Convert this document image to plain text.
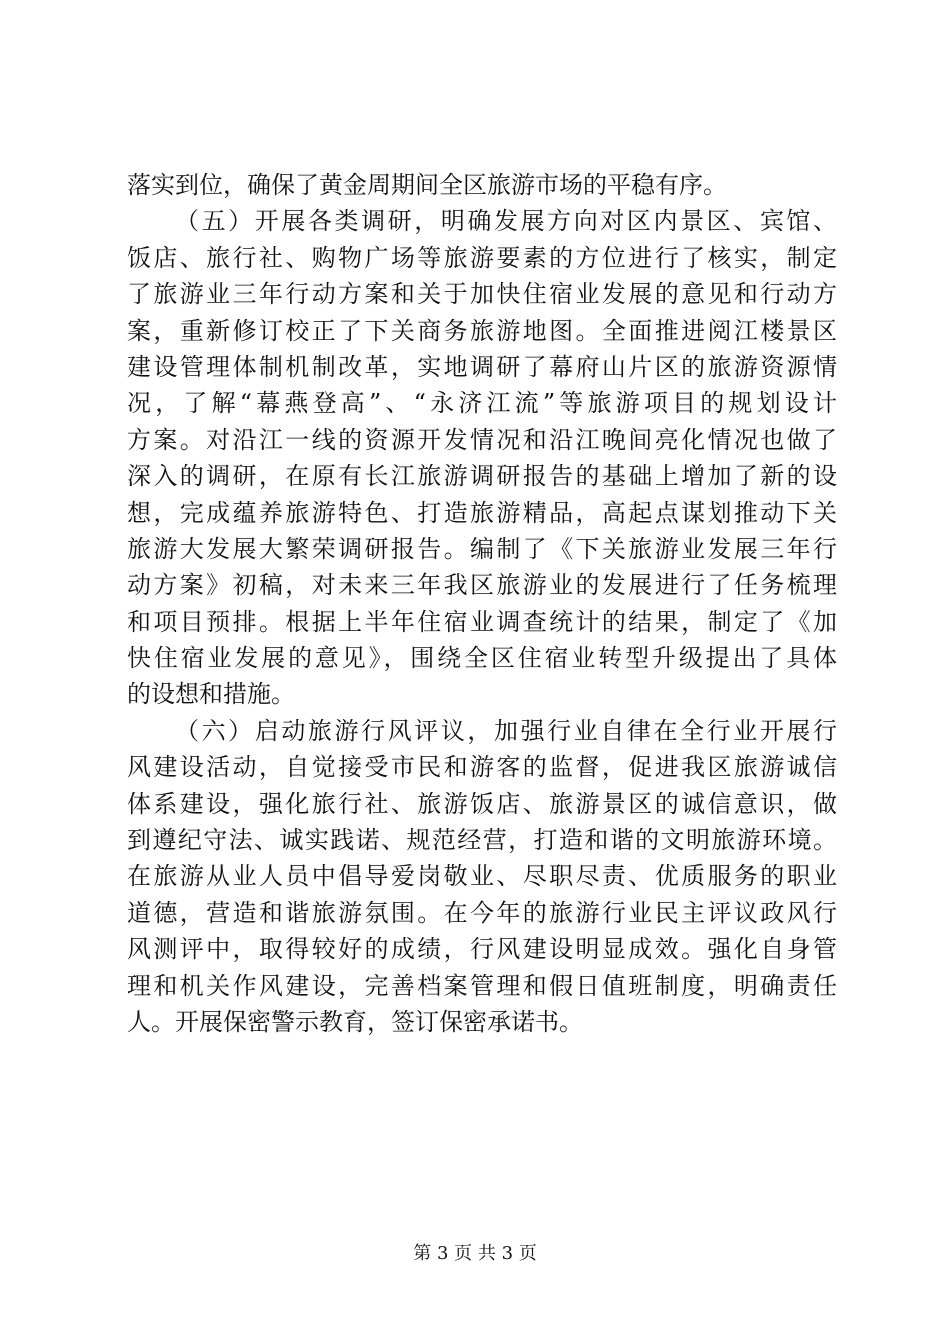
落实到位，确保了黄金周期间全区旅游市场的平稳有序。
（五）开展各类调研，明确发展方向对区内景区、宾馆、
饭店、旅行社、购物广场等旅游要素的方位进行了核实，制定
了旅游业三年行动方案和关于加快住宿业发展的意见和行动方
案，重新修订校正了下关商务旅游地图。全面推进阅江楼景区
建设管理体制机制改革，实地调研了幕府山片区的旅游资源情
况，了解“幕燕登高”、“永济江流”等旅游项目的规划设计
方案。对沿江一线的资源开发情况和沿江晚间亮化情况也做了
深入的调研，在原有长江旅游调研报告的基础上增加了新的设
想，完成蕴养旅游特色、打造旅游精品，高起点谋划推动下关
旅游大发展大繁荣调研报告。编制了《下关旅游业发展三年行
动方案》初稿，对未来三年我区旅游业的发展进行了任务梳理
和项目预排。根据上半年住宿业调查统计的结果，制定了《加
快住宿业发展的意见》，围绕全区住宿业转型升级提出了具体
的设想和措施。
（六）启动旅游行风评议，加强行业自律在全行业开展行
风建设活动，自觉接受市民和游客的监督，促进我区旅游诚信
体系建设，强化旅行社、旅游饭店、旅游景区的诚信意识，做
到遵纪守法、诚实践诺、规范经营，打造和谐的文明旅游环境。
在旅游从业人员中倡导爱岗敬业、尽职尽责、优质服务的职业
道德，营造和谐旅游氛围。在今年的旅游行业民主评议政风行
风测评中，取得较好的成绩，行风建设明显成效。强化自身管
理和机关作风建设，完善档案管理和假日值班制度，明确责任
人。开展保密警示教育，签订保密承诺书。
第 3 页 共 3 页
